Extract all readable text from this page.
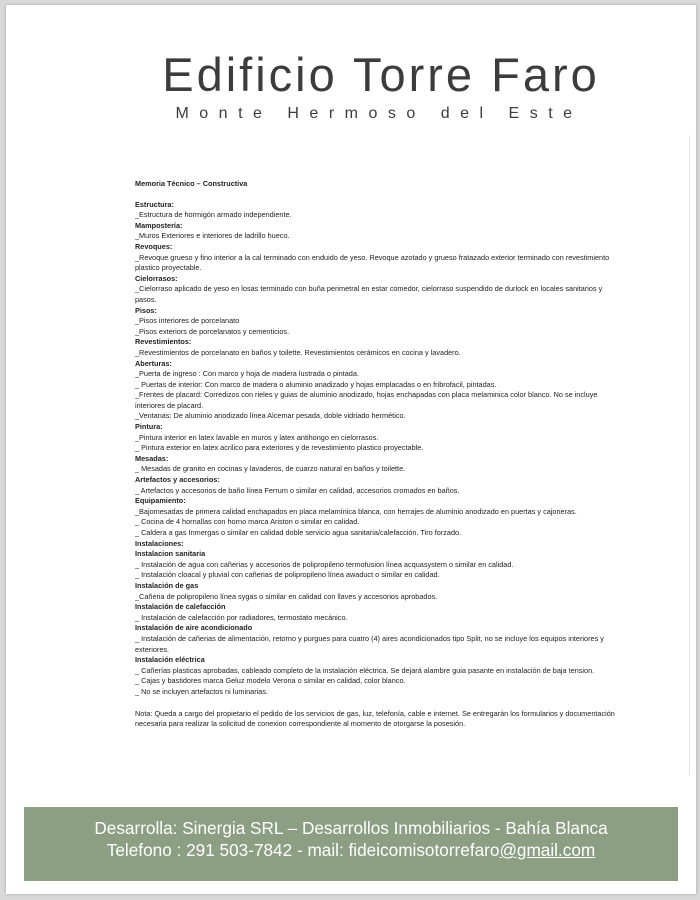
Edificio Torre Faro
Monte Hermoso del Este
Memoria Técnico – Constructiva
Estructura:
_Estructura de hormigón armado independiente.
Mampostería:
_Muros Exteriores e interiores de ladrillo hueco.
Revoques:
_Revoque grueso y fino interior a la cal terminado con enduido de yeso. Revoque azotado y grueso fratazado exterior terminado con revestimiento plastico proyectable.
Cielorrasos:
_Cielorraso aplicado de yeso en losas terminado con buña perimetral en estar comedor, cielorraso suspendido de durlock en locales sanitarios y pasos.
Pisos:
_Pisos interiores de porcelanato
_Pisos exteriors de porcelanatos y cementicios.
Revestimientos:
_Revestimientos de porcelanato en baños y toilette. Revestimientos cerámicos en cocina y lavadero.
Aberturas:
_Puerta de ingreso : Con marco y hoja de madera lustrada o pintada.
_ Puertas de interior: Con marco de madera o aluminio anadizado y hojas emplacadas o en fribrofacil, pintadas.
_Frentes de placard: Corredizos con rieles y guias de aluminio anodizado, hojas enchapadas con placa melaminica color blanco. No se incluye interiores de placard.
_Ventanas: De aluminio anodizado línea Alcemar pesada, doble vidriado hermético.
Pintura:
_Pintura interior en latex lavable en muros y latex antihongo en cielorrasos.
_ Pintura exterior en latex acrilico para exteriores y de revestimiento plastico proyectable.
Mesadas:
_ Mesadas de granito en cocinas y lavaderos, de cuarzo natural en baños y toilette.
Artefactos y accesorios:
_ Artefactos y accesorios de baño línea Ferrum o similar en calidad, accesorios cromados en baños.
Equipamiento:
_Bajomesadas de primera calidad enchapados en placa melamínica blanca, con herrajes de aluminio anodizado en puertas y cajoneras.
_ Cocina de 4 hornallas con horno marca Ariston o similar en calidad.
_ Caldera a gas Inmergas o similar en calidad doble servicio agua sanitaria/calefacción. Tiro forzado.
Instalaciones:
Instalacion sanitaria
_ Instalación de agua con cañerias y accesorios de polipropileno termofusion línea acquasystem o similar en calidad.
_ Instalación cloacal y pluvial con cañerias de polipropileno línea awaduct o similar en calidad.
Instalación de gas
_Cañeria de polipropileno línea sygas o similar en calidad con llaves y accesorios aprobados.
Instalación de calefacción
_ Instalación de calefacción por radiadores, termostato mecánico.
Instalación de aire acondicionado
_ Instalación de cañerias de alimentación, retorno y purgues para cuatro (4) aires acondicionados tipo Split, no se incluye los equipos interiores y exteriores.
Instalación eléctrica
_ Cañerías plasticas aprobadas, cableado completo de la instalación eléctrica. Se dejará alambre guia pasante en instalación de baja tension.
_ Cajas y bastidores marca Geluz modelo Verona o similar en calidad, color blanco.
_ No se incluyen artefactos ni luminarias.
Nota: Queda a cargo del propietario el pedido de los servicios de gas, luz, telefonía, cable e internet. Se entregarán los formularios y documentación necesaria para realizar la solicitud de conexion correspondiente al momento de otorgarse la posesión.
Desarrolla: Sinergia SRL – Desarrollos Inmobiliarios - Bahía Blanca
Telefono : 291 503-7842 - mail: fideicomisotorrefaro@gmail.com
